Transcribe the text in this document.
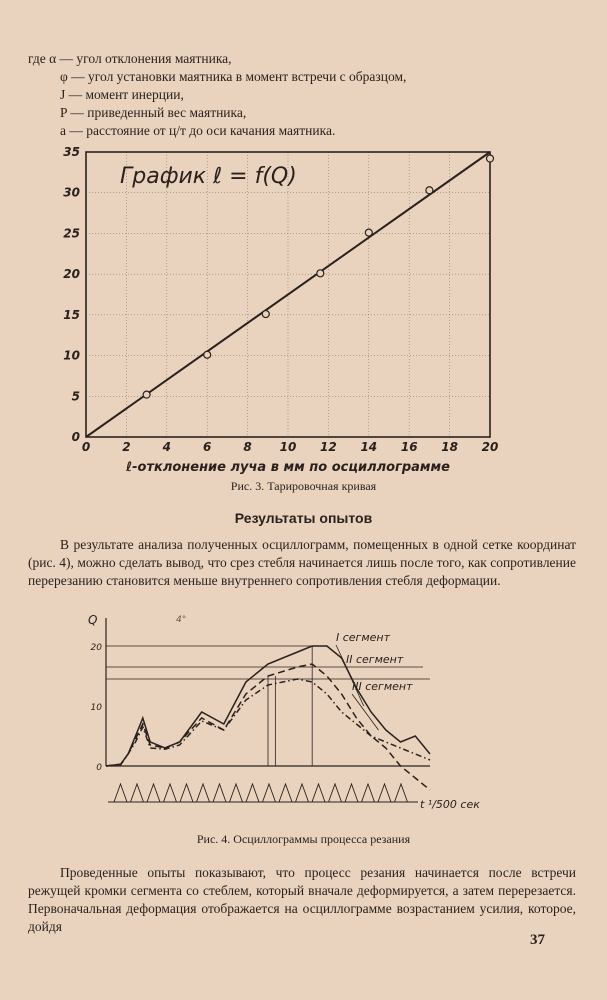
где α — угол отклонения маятника,
φ — угол установки маятника в момент встречи с образцом,
J — момент инерции,
P — приведенный вес маятника,
a — расстояние от ц/т до оси качания маятника.
0	2	4	6	8 10 12 14 16 18 20
0
5
10
15
20
25
30
35
График ℓ = f(Q)
ℓ-отклонение луча в мм по осциллограмме
Рис. 3. Тарировочная кривая
Результаты опытов
В результате анализа полученных осциллограмм, помещенных в одной сетке координат (рис. 4), можно сделать вывод, что срез стебля начинается лишь после того, как сопротивление перерезанию становится меньше внутреннего сопротивления стебля деформации.
Q
0
10
20
4°
I сегмент
II сегмент
III сегмент
t ¹/500 сек
Рис. 4. Осциллограммы процесса резания
Проведенные опыты показывают, что процесс резания начинается после встречи режущей кромки сегмента со стеблем, который вначале деформируется, а затем перерезается. Первоначальная деформация отображается на осциллограмме возрастанием усилия, которое, дойдя
37
